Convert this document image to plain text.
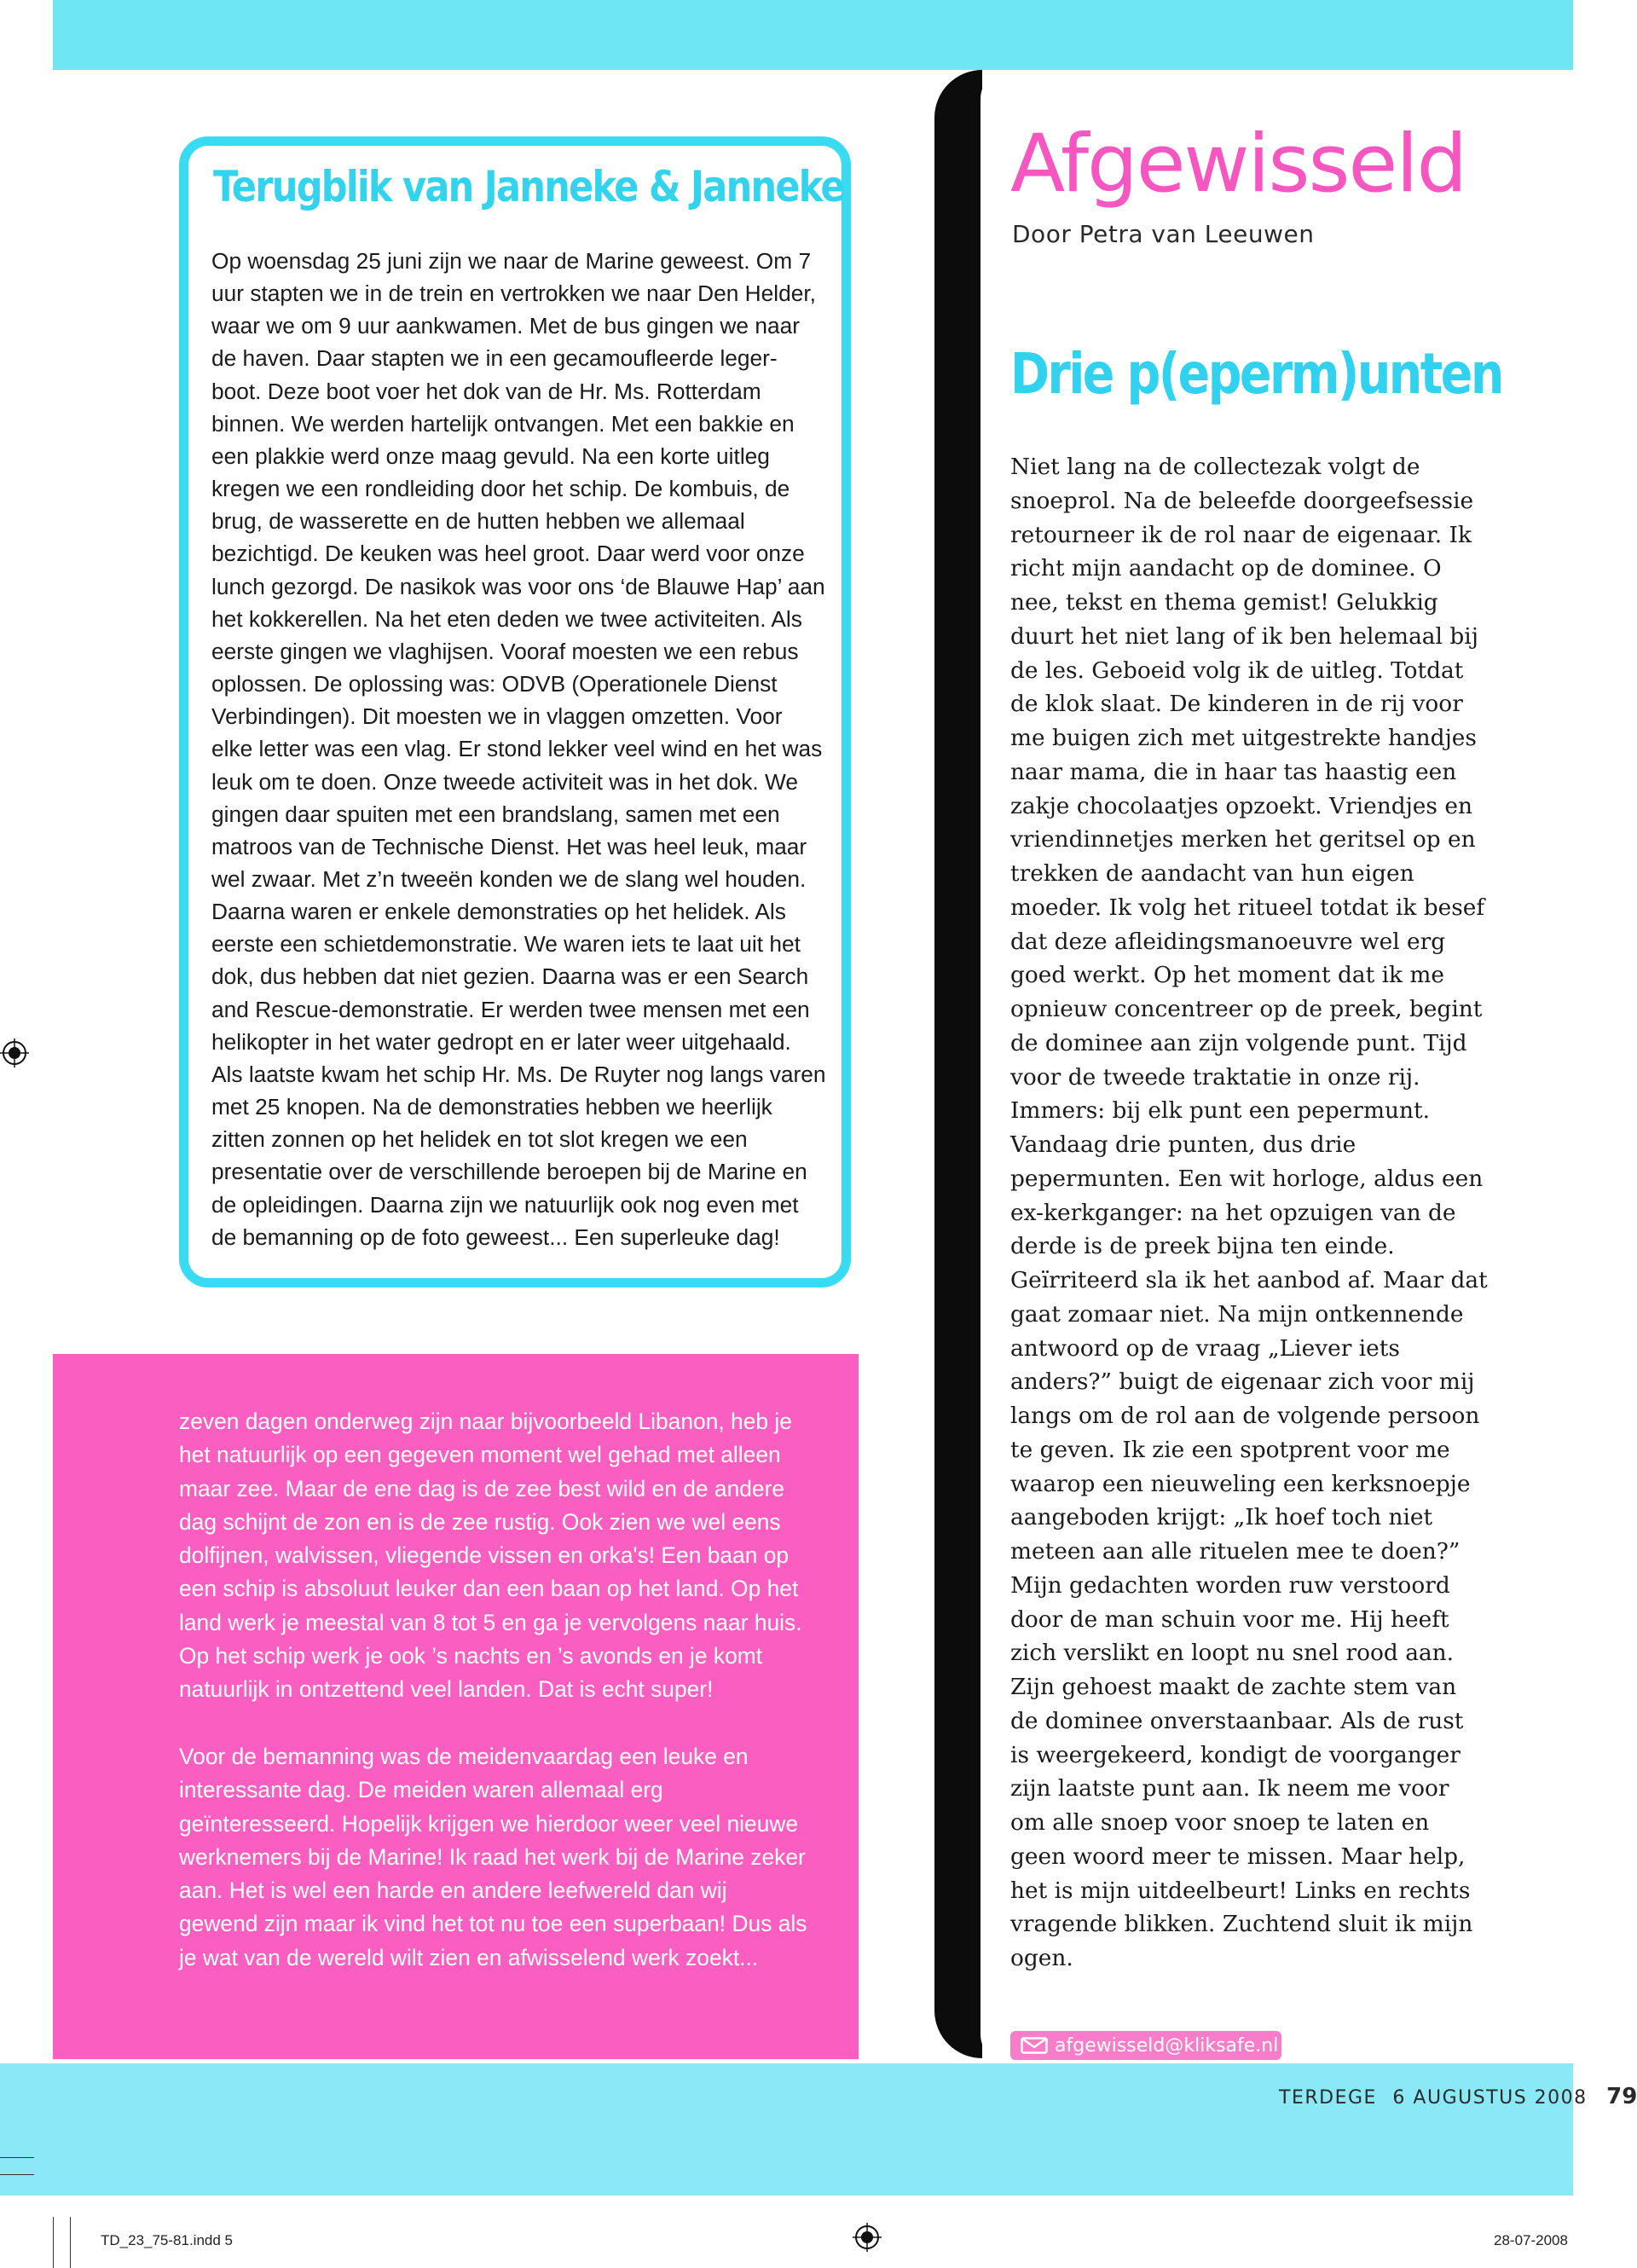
Terugblik van Janneke & Janneke
Op woensdag 25 juni zijn we naar de Marine geweest. Om 7 uur stapten we in de trein en vertrokken we naar Den Helder, waar we om 9 uur aankwamen. Met de bus gingen we naar de haven. Daar stapten we in een gecamoufleerde leger-boot. Deze boot voer het dok van de Hr. Ms. Rotterdam binnen. We werden hartelijk ontvangen. Met een bakkie en een plakkie werd onze maag gevuld. Na een korte uitleg kregen we een rondleiding door het schip. De kombuis, de brug, de wasserette en de hutten hebben we allemaal bezichtigd. De keuken was heel groot. Daar werd voor onze lunch gezorgd. De nasikok was voor ons ‘de Blauwe Hap’ aan het kokkerellen. Na het eten deden we twee activiteiten. Als eerste gingen we vlaghijsen. Vooraf moesten we een rebus oplossen. De oplossing was: ODVB (Operationele Dienst Verbindingen). Dit moesten we in vlaggen omzetten. Voor elke letter was een vlag. Er stond lekker veel wind en het was leuk om te doen. Onze tweede activiteit was in het dok. We gingen daar spuiten met een brandslang, samen met een matroos van de Technische Dienst. Het was heel leuk, maar wel zwaar. Met z’n tweeën konden we de slang wel houden. Daarna waren er enkele demonstraties op het helidek. Als eerste een schietdemonstratie. We waren iets te laat uit het dok, dus hebben dat niet gezien. Daarna was er een Search and Rescue-demonstratie. Er werden twee mensen met een helikopter in het water gedropt en er later weer uitgehaald. Als laatste kwam het schip Hr. Ms. De Ruyter nog langs varen met 25 knopen. Na de demonstraties hebben we heerlijk zitten zonnen op het helidek en tot slot kregen we een presentatie over de verschillende beroepen bij de Marine en de opleidingen. Daarna zijn we natuurlijk ook nog even met de bemanning op de foto geweest... Een superleuke dag!

zeven dagen onderweg zijn naar bijvoorbeeld Libanon, heb je het natuurlijk op een gegeven moment wel gehad met alleen maar zee. Maar de ene dag is de zee best wild en de andere dag schijnt de zon en is de zee rustig. Ook zien we wel eens dolfijnen, walvissen, vliegende vissen en orka's! Een baan op een schip is absoluut leuker dan een baan op het land. Op het land werk je meestal van 8 tot 5 en ga je vervolgens naar huis. Op het schip werk je ook ’s nachts en ’s avonds en je komt natuurlijk in ontzettend veel landen. Dat is echt super!

Voor de bemanning was de meidenvaardag een leuke en interessante dag. De meiden waren allemaal erg geïnteresseerd. Hopelijk krijgen we hierdoor weer veel nieuwe werknemers bij de Marine! Ik raad het werk bij de Marine zeker aan. Het is wel een harde en andere leefwereld dan wij gewend zijn maar ik vind het tot nu toe een superbaan! Dus als je wat van de wereld wilt zien en afwisselend werk zoekt...

Afgewisseld
Door Petra van Leeuwen
Drie p(eperm)unten
Niet lang na de collectezak volgt de snoeprol. Na de beleefde doorgeefsessie retourneer ik de rol naar de eigenaar. Ik richt mijn aandacht op de dominee. O nee, tekst en thema gemist! Gelukkig duurt het niet lang of ik ben helemaal bij de les. Geboeid volg ik de uitleg. Totdat de klok slaat. De kinderen in de rij voor me buigen zich met uitgestrekte handjes naar mama, die in haar tas haastig een zakje chocolaatjes opzoekt. Vriendjes en vriendinnetjes merken het geritsel op en trekken de aandacht van hun eigen moeder. Ik volg het ritueel totdat ik besef dat deze afleidingsmanoeuvre wel erg goed werkt. Op het moment dat ik me opnieuw concentreer op de preek, begint de dominee aan zijn volgende punt. Tijd voor de tweede traktatie in onze rij. Immers: bij elk punt een pepermunt. Vandaag drie punten, dus drie pepermunten. Een wit horloge, aldus een ex-kerkganger: na het opzuigen van de derde is de preek bijna ten einde. Geïrriteerd sla ik het aanbod af. Maar dat gaat zomaar niet. Na mijn ontkennende antwoord op de vraag „Liever iets anders?” buigt de eigenaar zich voor mij langs om de rol aan de volgende persoon te geven. Ik zie een spotprent voor me waarop een nieuweling een kerksnoepje aangeboden krijgt: „Ik hoef toch niet meteen aan alle rituelen mee te doen?” Mijn gedachten worden ruw verstoord door de man schuin voor me. Hij heeft zich verslikt en loopt nu snel rood aan. Zijn gehoest maakt de zachte stem van de dominee onverstaanbaar. Als de rust is weergekeerd, kondigt de voorganger zijn laatste punt aan. Ik neem me voor om alle snoep voor snoep te laten en geen woord meer te missen. Maar help, het is mijn uitdeelbeurt! Links en rechts vragende blikken. Zuchtend sluit ik mijn ogen.
afgewisseld@kliksafe.nl
TERDEGE 6 AUGUSTUS 2008 79
TD_23_75-81.indd 5	28-07-2008
